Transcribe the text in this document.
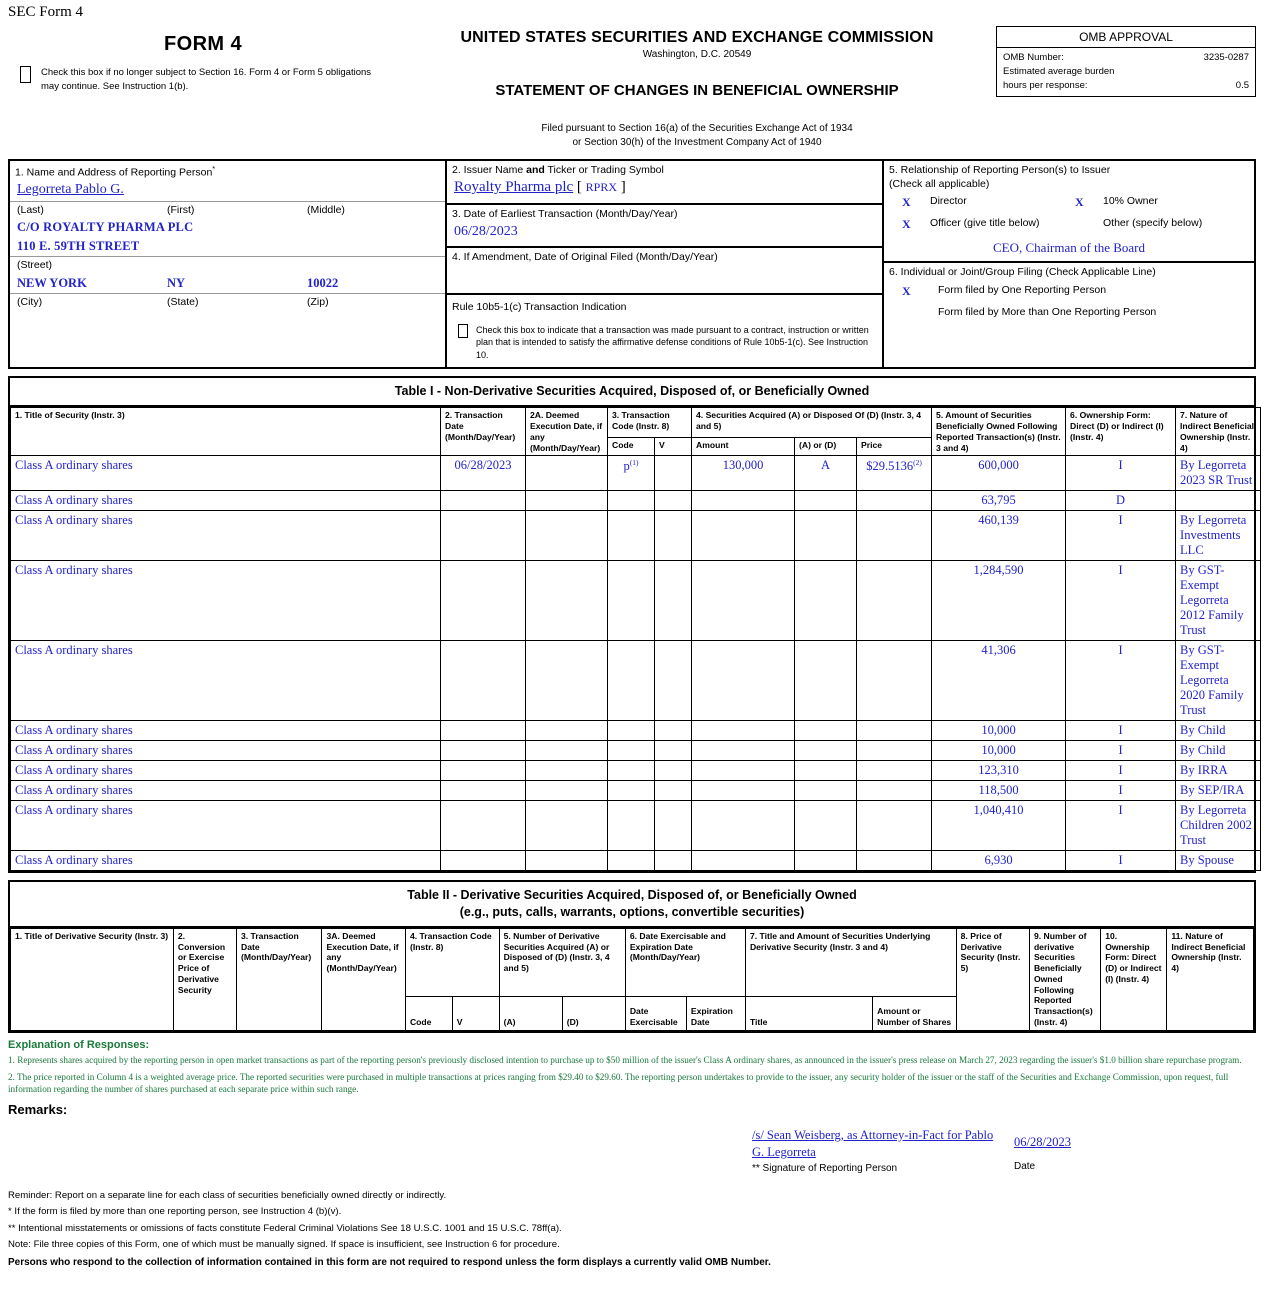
SEC Form 4
FORM 4
Check this box if no longer subject to Section 16. Form 4 or Form 5 obligations may continue. See Instruction 1(b).
UNITED STATES SECURITIES AND EXCHANGE COMMISSION
Washington, D.C. 20549
STATEMENT OF CHANGES IN BENEFICIAL OWNERSHIP
Filed pursuant to Section 16(a) of the Securities Exchange Act of 1934
or Section 30(h) of the Investment Company Act of 1940
OMB APPROVAL
OMB Number:	3235-0287
Estimated average burden
hours per response:	0.5
1. Name and Address of Reporting Person*
Legorreta Pablo G.
(Last)	(First)	(Middle)
C/O ROYALTY PHARMA PLC
110 E. 59TH STREET
(Street)
NEW YORK	NY	10022
(City)	(State)	(Zip)
2. Issuer Name and Ticker or Trading Symbol
Royalty Pharma plc [ RPRX ]
3. Date of Earliest Transaction (Month/Day/Year)
06/28/2023
4. If Amendment, Date of Original Filed (Month/Day/Year)
Rule 10b5-1(c) Transaction Indication
Check this box to indicate that a transaction was made pursuant to a contract, instruction or written plan that is intended to satisfy the affirmative defense conditions of Rule 10b5-1(c). See Instruction 10.
5. Relationship of Reporting Person(s) to Issuer
(Check all applicable)
X	Director	X	10% Owner
X	Officer (give title below)	Other (specify below)
CEO, Chairman of the Board
6. Individual or Joint/Group Filing (Check Applicable Line)
X	Form filed by One Reporting Person
Form filed by More than One Reporting Person
Table I - Non-Derivative Securities Acquired, Disposed of, or Beneficially Owned
1. Title of Security (Instr. 3)	2. Transaction Date (Month/Day/Year)	2A. Deemed Execution Date, if any (Month/Day/Year)	3. Transaction Code (Instr. 8)		4. Securities Acquired (A) or Disposed Of (D) (Instr. 3, 4 and 5)			5. Amount of Securities Beneficially Owned Following Reported Transaction(s) (Instr. 3 and 4)	6. Ownership Form: Direct (D) or Indirect (I) (Instr. 4)	7. Nature of Indirect Beneficial Ownership (Instr. 4)
			Code	V	Amount	(A) or (D)	Price			
Class A ordinary shares	06/28/2023		$p^{(1)}$		130,000	A	$29.5136$^{(2)}$	600,000	I	By Legorreta 2023 SR Trust
Class A ordinary shares								63,795	D	
Class A ordinary shares								460,139	I	By Legorreta Investments LLC
Class A ordinary shares								1,284,590	I	By GST-Exempt Legorreta 2012 Family Trust
Class A ordinary shares								41,306	I	By GST-Exempt Legorreta 2020 Family Trust
Class A ordinary shares								10,000	I	By Child
Class A ordinary shares								10,000	I	By Child
Class A ordinary shares								123,310	I	By IRRA
Class A ordinary shares								118,500	I	By SEP/IRA
Class A ordinary shares								1,040,410	I	By Legorreta Children 2002 Trust
Class A ordinary shares								6,930	I	By Spouse
Table II - Derivative Securities Acquired, Disposed of, or Beneficially Owned
(e.g., puts, calls, warrants, options, convertible securities)
1. Title of Derivative Security (Instr. 3)	2. Conversion or Exercise Price of Derivative Security	3. Transaction Date (Month/Day/Year)	3A. Deemed Execution Date, if any (Month/Day/Year)	4. Transaction Code (Instr. 8)		5. Number of Derivative Securities Acquired (A) or Disposed of (D) (Instr. 3, 4 and 5)		6. Date Exercisable and Expiration Date (Month/Day/Year)		7. Title and Amount of Securities Underlying Derivative Security (Instr. 3 and 4)		8. Price of Derivative Security (Instr. 5)	9. Number of derivative Securities Beneficially Owned Following Reported Transaction(s) (Instr. 4)	10. Ownership Form: Direct (D) or Indirect (I) (Instr. 4)	11. Nature of Indirect Beneficial Ownership (Instr. 4)
				Code	V	(A)	(D)	Date Exercisable	Expiration Date	Title	Amount or Number of Shares				
Explanation of Responses:

1. Represents shares acquired by the reporting person in open market transactions as part of the reporting person's previously disclosed intention to purchase up to $50 million of the issuer's Class A ordinary shares, as announced in the issuer's press release on March 27, 2023 regarding the issuer's $1.0 billion share repurchase program.

2. The price reported in Column 4 is a weighted average price. The reported securities were purchased in multiple transactions at prices ranging from $29.40 to $29.60. The reporting person undertakes to provide to the issuer, any security holder of the issuer or the staff of the Securities and Exchange Commission, upon request, full information regarding the number of shares purchased at each separate price within such range.

Remarks:
/s/ Sean Weisberg, as Attorney-in-Fact for Pablo G. Legorreta
** Signature of Reporting Person
06/28/2023
Date
Reminder: Report on a separate line for each class of securities beneficially owned directly or indirectly.
* If the form is filed by more than one reporting person, see Instruction 4 (b)(v).
** Intentional misstatements or omissions of facts constitute Federal Criminal Violations See 18 U.S.C. 1001 and 15 U.S.C. 78ff(a).
Note: File three copies of this Form, one of which must be manually signed. If space is insufficient, see Instruction 6 for procedure.
Persons who respond to the collection of information contained in this form are not required to respond unless the form displays a currently valid OMB Number.
